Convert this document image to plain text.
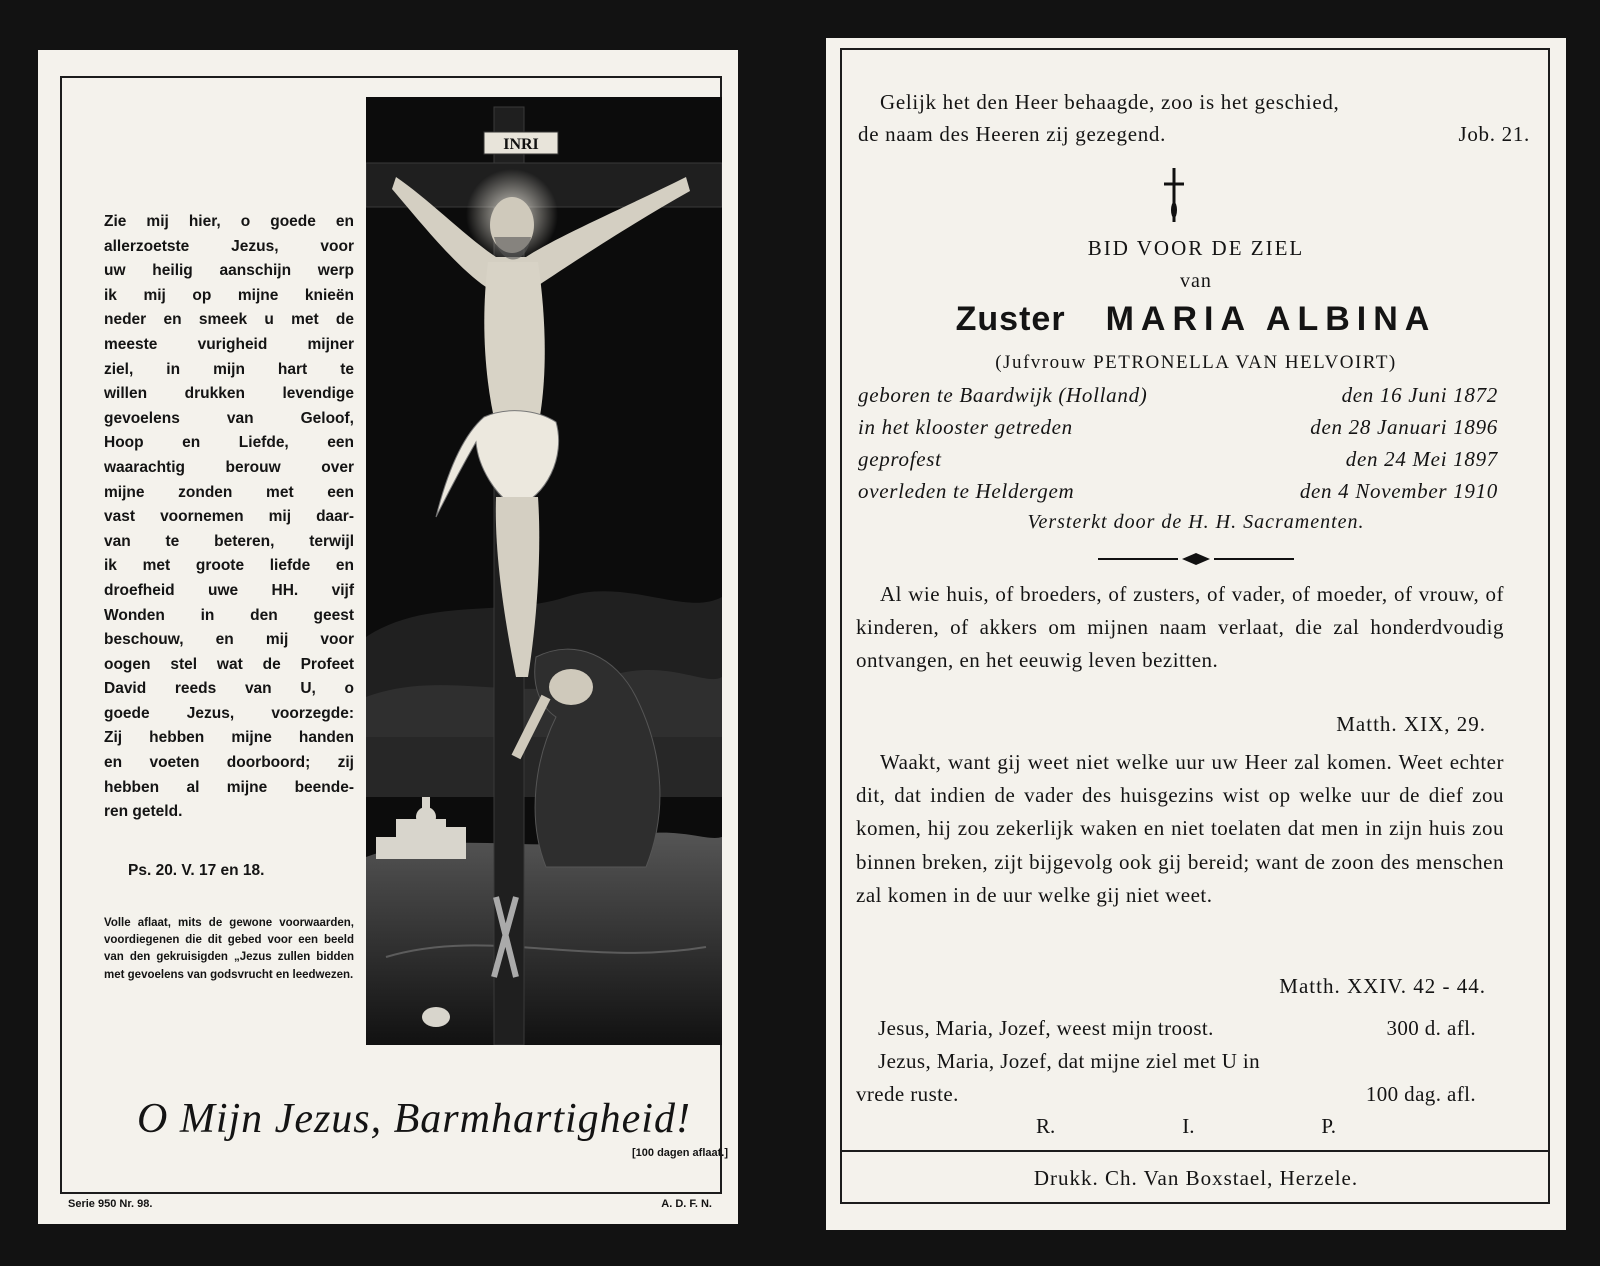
Zie mij hier, o goede en
allerzoetste Jezus, voor
uw heilig aanschijn werp
ik mij op mijne knieën
neder en smeek u met de
meeste vurigheid mijner
ziel, in mijn hart te
willen drukken levendige
gevoelens van Geloof,
Hoop en Liefde, een
waarachtig berouw over
mijne zonden met een
vast voornemen mij daar-
van te beteren, terwijl
ik met groote liefde en
droefheid uwe HH. vijf
Wonden in den geest
beschouw, en mij voor
oogen stel wat de Profeet
David reeds van U, o
goede Jezus, voorzegde:
Zij hebben mijne handen
en voeten doorboord; zij
hebben al mijne beende-
ren geteld.
Ps. 20. V. 17 en 18.
Volle aflaat, mits de gewone voorwaarden, voordiegenen die dit gebed voor een beeld van den gekruisigden „Jezus zullen bidden met gevoelens van godsvrucht en leedwezen.
INRI
O Mijn Jezus, Barmhartigheid!
[100 dagen aflaat.]
Serie 950 Nr. 98.	A. D. F. N.
Gelijk het den Heer behaagde, zoo is het geschied,
de naam des Heeren zij gezegend.	Job. 21.
BID VOOR DE ZIEL
van
Zuster MARIA ALBINA
(Jufvrouw PETRONELLA VAN HELVOIRT)
geboren te Baardwijk (Holland)	den 16 Juni 1872
in het klooster getreden	den 28 Januari 1896
geprofest	den 24 Mei 1897
overleden te Heldergem	den 4 November 1910
Versterkt door de H. H. Sacramenten.

Al wie huis, of broeders, of zusters, of vader, of moeder, of vrouw, of kinderen, of akkers om mijnen naam verlaat, die zal honderdvoudig ontvangen, en het eeuwig leven bezitten.

Matth. XIX, 29.

Waakt, want gij weet niet welke uur uw Heer zal komen. Weet echter dit, dat indien de vader des huisgezins wist op welke uur de dief zou komen, hij zou zekerlijk waken en niet toelaten dat men in zijn huis zou binnen breken, zijt bijgevolg ook gij bereid; want de zoon des menschen zal komen in de uur welke gij niet weet.

Matth. XXIV. 42 - 44.
Jesus, Maria, Jozef, weest mijn troost.	300 d. afl.
Jezus, Maria, Jozef, dat mijne ziel met U in
vrede ruste.	100 dag. afl.
R.	I.	P.
Drukk. Ch. Van Boxstael, Herzele.
